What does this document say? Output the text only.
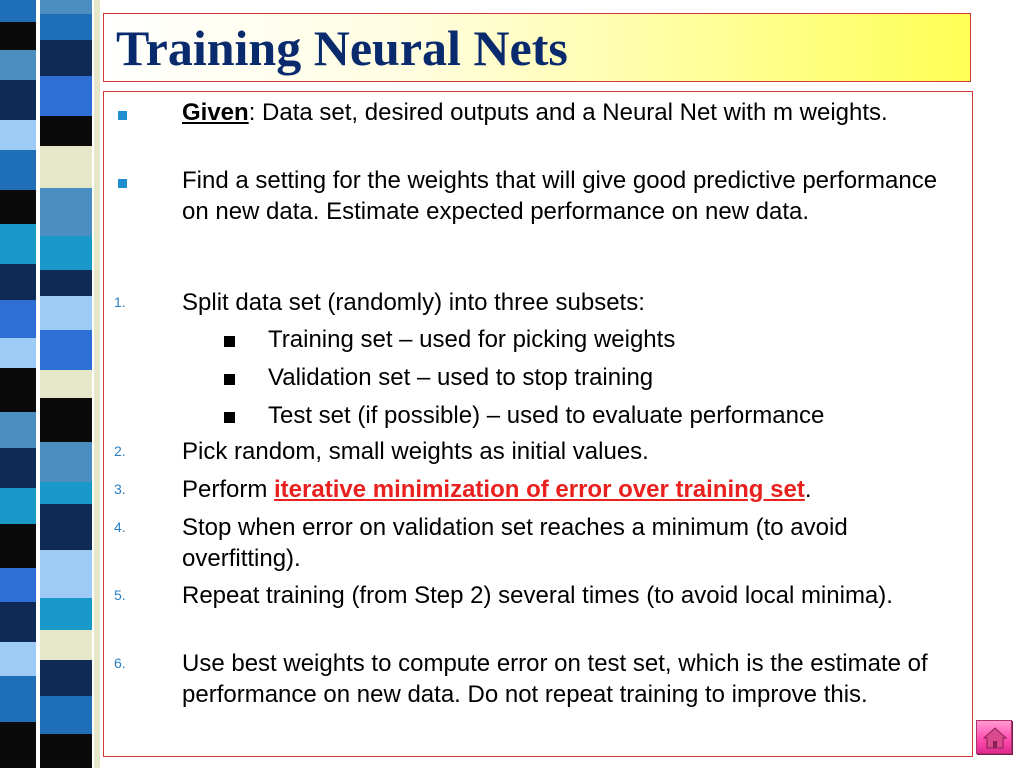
Training Neural Nets
Given: Data set, desired outputs and a Neural Net with m weights.
Find a setting for the weights that will give good predictive performance on new data. Estimate expected performance on new data.
1. Split data set (randomly) into three subsets:
Training set – used for picking weights
Validation set – used to stop training
Test set (if possible) – used to evaluate performance
2. Pick random, small weights as initial values.
3. Perform iterative minimization of error over training set.
4. Stop when error on validation set reaches a minimum (to avoid overfitting).
5. Repeat training (from Step 2) several times (to avoid local minima).
6. Use best weights to compute error on test set, which is the estimate of performance on new data. Do not repeat training to improve this.
